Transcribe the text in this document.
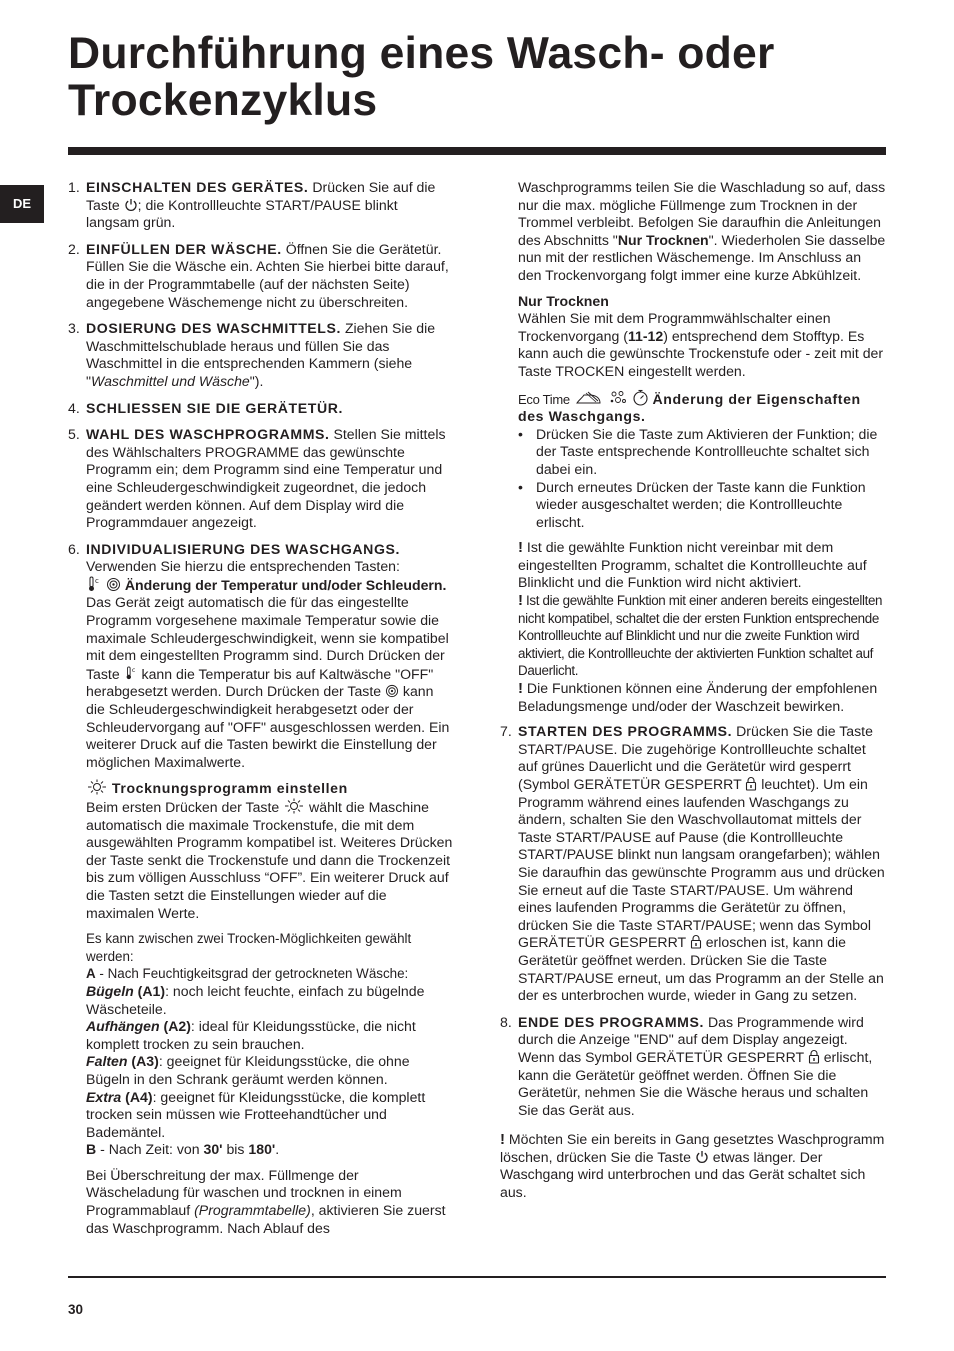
Durchführung eines Wasch- oder
Trockenzyklus
DE
1. EINSCHALTEN DES GERÄTES. Drücken Sie auf die Taste ; die Kontrollleuchte START/PAUSE blinkt langsam grün.

2. EINFÜLLEN DER WÄSCHE. Öffnen Sie die Gerätetür. Füllen Sie die Wäsche ein. Achten Sie hierbei bitte darauf, die in der Programmtabelle (auf der nächsten Seite) angegebene Wäschemenge nicht zu überschreiten.

3. DOSIERUNG DES WASCHMITTELS. Ziehen Sie die Waschmittelschublade heraus und füllen Sie das Waschmittel in die entsprechenden Kammern (siehe "Waschmittel und Wäsche").

4. SCHLIESSEN SIE DIE GERÄTETÜR.

5. WAHL DES WASCHPROGRAMMS. Stellen Sie mittels des Wählschalters PROGRAMME das gewünschte Programm ein; dem Programm sind eine Temperatur und eine Schleudergeschwindigkeit zugeordnet, die jedoch geändert werden können. Auf dem Display wird die Programmdauer angezeigt.

6. INDIVIDUALISIERUNG DES WASCHGANGS.

Verwenden Sie hierzu die entsprechenden Tasten:

c Änderung der Temperatur und/oder Schleudern. Das Gerät zeigt automatisch die für das eingestellte Programm vorgesehene maximale Temperatur sowie die maximale Schleudergeschwindigkeit, wenn sie kompatibel mit dem eingestellten Programm sind. Durch Drücken der Taste c kann die Temperatur bis auf Kaltwäsche "OFF" herabgesetzt werden. Durch Drücken der Taste  kann die Schleudergeschwindigkeit herabgesetzt oder der Schleudervorgang auf "OFF" ausgeschlossen werden. Ein weiterer Druck auf die Tasten bewirkt die Einstellung der möglichen Maximalwerte.

Trocknungsprogramm einstellen

Beim ersten Drücken der Taste  wählt die Maschine automatisch die maximale Trockenstufe, die mit dem ausgewählten Programm kompatibel ist. Weiteres Drücken der Taste senkt die Trockenstufe und dann die Trockenzeit bis zum völligen Ausschluss “OFF”. Ein weiterer Druck auf die Tasten setzt die Einstellungen wieder auf die maximalen Werte.

Es kann zwischen zwei Trocken-Möglichkeiten gewählt werden:

A - Nach Feuchtigkeitsgrad der getrockneten Wäsche:

Bügeln (A1): noch leicht feuchte, einfach zu bügelnde Wäscheteile.

Aufhängen (A2): ideal für Kleidungsstücke, die nicht komplett trocken zu sein brauchen.

Falten (A3): geeignet für Kleidungsstücke, die ohne Bügeln in den Schrank geräumt werden können.

Extra (A4): geeignet für Kleidungsstücke, die komplett trocken sein müssen wie Frotteehandtücher und Bademäntel.

B - Nach Zeit: von 30' bis 180'.

Bei Überschreitung der max. Füllmenge der Wäscheladung für waschen und trocknen in einem Programmablauf (Programmtabelle), aktivieren Sie zuerst das Waschprogramm. Nach Ablauf des

Waschprogramms teilen Sie die Waschladung so auf, dass nur die max. mögliche Füllmenge zum Trocknen in der Trommel verbleibt. Befolgen Sie daraufhin die Anleitungen des Abschnitts "Nur Trocknen". Wiederholen Sie dasselbe nun mit der restlichen Wäschemenge. Im Anschluss an den Trockenvorgang folgt immer eine kurze Abkühlzeit.

Nur Trocknen

Wählen Sie mit dem Programmwählschalter einen Trockenvorgang (11-12) entsprechend dem Stofftyp. Es kann auch die gewünschte Trockenstufe oder - zeit mit der Taste TROCKEN eingestellt werden.

Eco Time	Änderung der Eigenschaften des Waschgangs.

• Drücken Sie die Taste zum Aktivieren der Funktion; die der Taste entsprechende Kontrollleuchte schaltet sich dabei ein.
• Durch erneutes Drücken der Taste kann die Funktion wieder ausgeschaltet werden; die Kontrollleuchte erlischt.

! Ist die gewählte Funktion nicht vereinbar mit dem eingestellten Programm, schaltet die Kontrollleuchte auf Blinklicht und die Funktion wird nicht aktiviert.

! Ist die gewählte Funktion mit einer anderen bereits eingestellten nicht kompatibel, schaltet die der ersten Funktion entsprechende Kontrollleuchte auf Blinklicht und nur die zweite Funktion wird aktiviert, die Kontrollleuchte der aktivierten Funktion schaltet auf Dauerlicht.

! Die Funktionen können eine Änderung der empfohlenen Beladungsmenge und/oder der Waschzeit bewirken.

7. STARTEN DES PROGRAMMS. Drücken Sie die Taste START/PAUSE. Die zugehörige Kontrollleuchte schaltet auf grünes Dauerlicht und die Gerätetür wird gesperrt (Symbol GERÄTETÜR GESPERRT  leuchtet). Um ein Programm während eines laufenden Waschgangs zu ändern, schalten Sie den Waschvollautomat mittels der Taste START/PAUSE auf Pause (die Kontrollleuchte START/PAUSE blinkt nun langsam orangefarben); wählen Sie daraufhin das gewünschte Programm aus und drücken Sie erneut auf die Taste START/PAUSE. Um während eines laufenden Programms die Gerätetür zu öffnen, drücken Sie die Taste START/PAUSE; wenn das Symbol GERÄTETÜR GESPERRT  erloschen ist, kann die Gerätetür geöffnet werden. Drücken Sie die Taste START/PAUSE erneut, um das Programm an der Stelle an der es unterbrochen wurde, wieder in Gang zu setzen.

8. ENDE DES PROGRAMMS. Das Programmende wird durch die Anzeige "END" auf dem Display angezeigt. Wenn das Symbol GERÄTETÜR GESPERRT  erlischt, kann die Gerätetür geöffnet werden. Öffnen Sie die Gerätetür, nehmen Sie die Wäsche heraus und schalten Sie das Gerät aus.

! Möchten Sie ein bereits in Gang gesetztes Waschprogramm löschen, drücken Sie die Taste  etwas länger. Der Waschgang wird unterbrochen und das Gerät schaltet sich aus.

30
